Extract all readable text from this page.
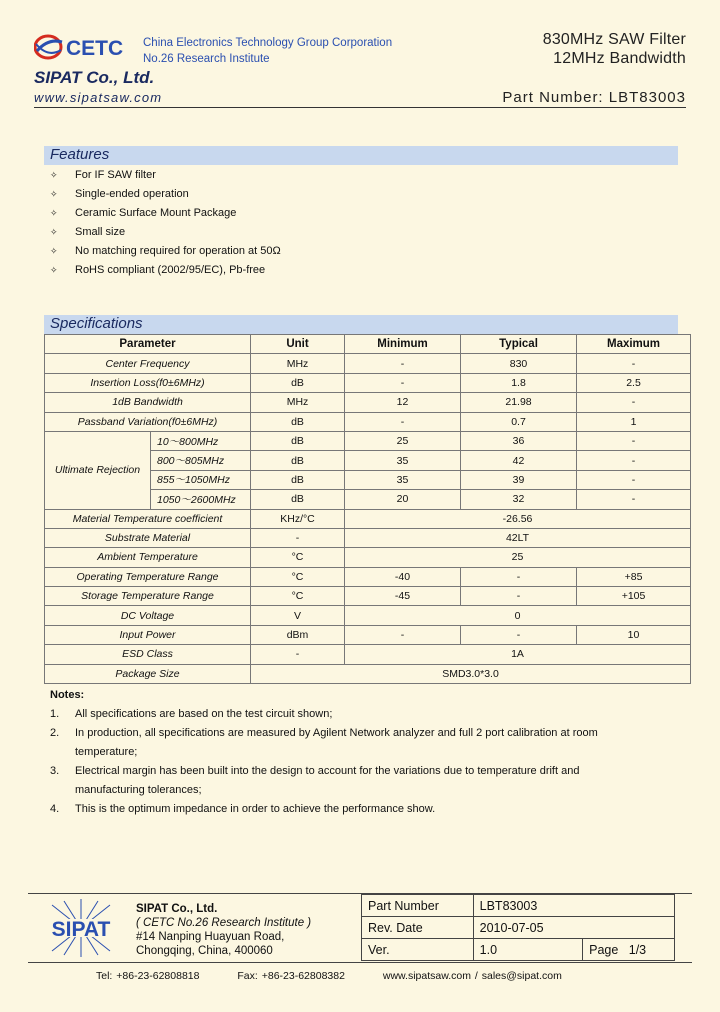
CETC China Electronics Technology Group Corporation
No.26 Research Institute
830MHz SAW Filter
12MHz Bandwidth
SIPAT Co., Ltd.
www.sipatsaw.com	Part Number: LBT83003
Features
✧ For IF SAW filter
✧ Single-ended operation
✧ Ceramic Surface Mount Package
✧ Small size
✧ No matching required for operation at 50Ω
✧ RoHS compliant (2002/95/EC), Pb-free
Specifications
Parameter		Unit	Minimum	Typical	Maximum
Center Frequency		MHz	-	830	-
Insertion Loss(f0±6MHz)		dB	-	1.8	2.5
1dB Bandwidth		MHz	12	21.98	-
Passband Variation(f0±6MHz)		dB	-	0.7	1
Ultimate Rejection	10～800MHz	dB	25	36	-
	800～805MHz	dB	35	42	-
	855～1050MHz	dB	35	39	-
	1050～2600MHz	dB	20	32	-
Material Temperature coefficient		KHz/°C	-26.56		
Substrate Material		-	42LT		
Ambient Temperature		°C	25		
Operating Temperature Range		°C	-40	-	+85
Storage Temperature Range		°C	-45	-	+105
DC Voltage		V	0		
Input Power		dBm	-	-	10
ESD Class		-	1A		
Package Size		SMD3.0*3.0			
Notes:
1. All specifications are based on the test circuit shown;
2. In production, all specifications are measured by Agilent Network analyzer and full 2 port calibration at room temperature;
3. Electrical margin has been built into the design to account for the variations due to temperature drift and manufacturing tolerances;
4. This is the optimum impedance in order to achieve the performance show.
SIPAT
SIPAT Co., Ltd.
( CETC No.26 Research Institute )
#14 Nanping Huayuan Road,
Chongqing, China, 400060
Part Number	LBT83003	
Rev. Date	2010-07-05	
Ver.	1.0	Page 1/3
Tel: +86-23-62808818	Fax: +86-23-62808382	www.sipatsaw.com / sales@sipat.com
